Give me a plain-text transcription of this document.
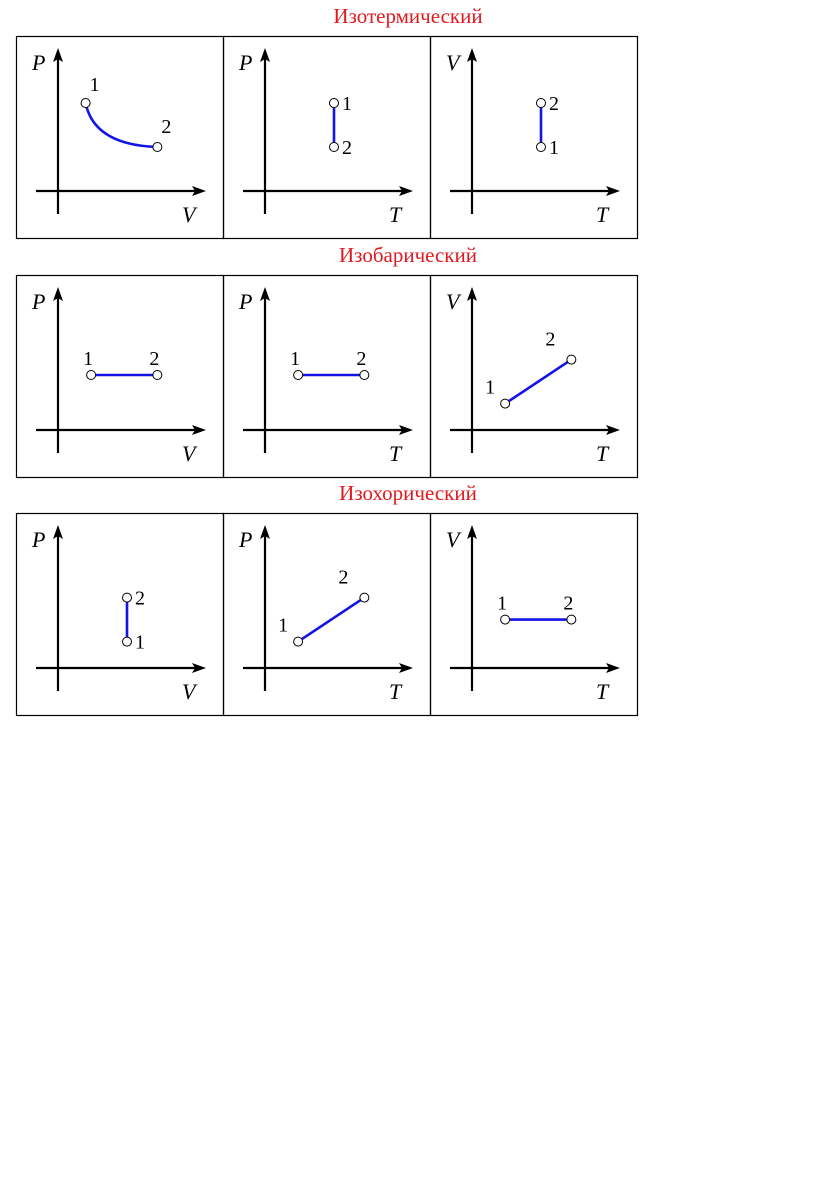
Изотермический
Изобарический
Изохорический
P
V
1
2
P
T
1
2
V
T
1
2
P
V
1	2
P
T
1	2
V
T
1
2
P
V
1
2
P
T
1
2
V
T
1	2
